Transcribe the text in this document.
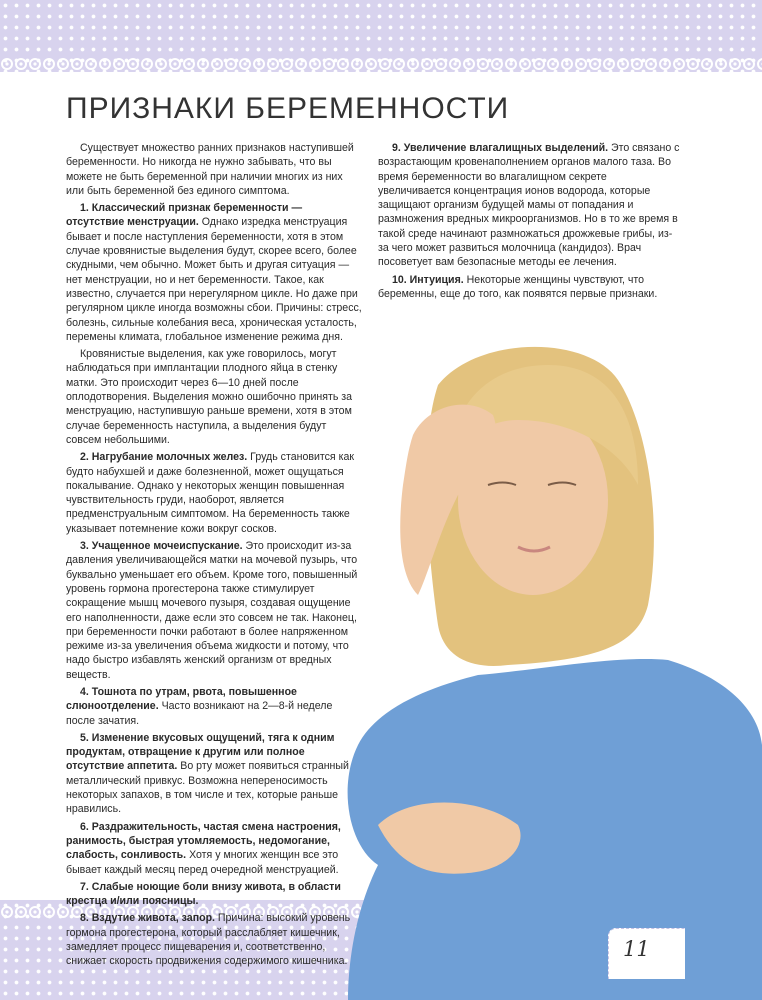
ПРИЗНАКИ БЕРЕМЕННОСТИ

Существует множество ранних признаков наступившей беременности. Но никогда не нужно забывать, что вы можете не быть беременной при наличии многих из них или быть беременной без единого симптома.

1. Классический признак беременности — отсутствие менструации. Однако изредка менструация бывает и после наступления беременности, хотя в этом случае кровянистые выделения будут, скорее всего, более скудными, чем обычно. Может быть и другая ситуация — нет менструации, но и нет беременности. Такое, как известно, случается при нерегулярном цикле. Но даже при регулярном цикле иногда возможны сбои. Причины: стресс, болезнь, сильные колебания веса, хроническая усталость, перемены климата, глобальное изменение режима дня.

Кровянистые выделения, как уже говорилось, могут наблюдаться при имплантации плодного яйца в стенку матки. Это происходит через 6—10 дней после оплодотворения. Выделения можно ошибочно принять за менструацию, наступившую раньше времени, хотя в этом случае беременность наступила, а выделения будут совсем небольшими.

2. Нагрубание молочных желез. Грудь становится как будто набухшей и даже болезненной, может ощущаться покалывание. Однако у некоторых женщин повышенная чувствительность груди, наоборот, является предменструальным симптомом. На беременность также указывает потемнение кожи вокруг сосков.

3. Учащенное мочеиспускание. Это происходит из-за давления увеличивающейся матки на мочевой пузырь, что буквально уменьшает его объем. Кроме того, повышенный уровень гормона прогестерона также стимулирует сокращение мышц мочевого пузыря, создавая ощущение его наполненности, даже если это совсем не так. Наконец, при беременности почки работают в более напряженном режиме из-за увеличения объема жидкости и потому, что надо быстро избавлять женский организм от вредных веществ.

4. Тошнота по утрам, рвота, повышенное слюноотделение. Часто возникают на 2—8-й неделе после зачатия.

5. Изменение вкусовых ощущений, тяга к одним продуктам, отвращение к другим или полное отсутствие аппетита. Во рту может появиться странный металлический привкус. Возможна непереносимость некоторых запахов, в том числе и тех, которые раньше нравились.

6. Раздражительность, частая смена настроения, ранимость, быстрая утомляемость, недомогание, слабость, сонливость. Хотя у многих женщин все это бывает каждый месяц перед очередной менструацией.

7. Слабые ноющие боли внизу живота, в области крестца и/или поясницы.

8. Вздутие живота, запор. Причина: высокий уровень гормона прогестерона, который расслабляет кишечник, замедляет процесс пищеварения и, соответственно, снижает скорость продвижения содержимого кишечника.

9. Увеличение влагалищных выделений. Это связано с возрастающим кровенаполнением органов малого таза. Во время беременности во влагалищном секрете увеличивается концентрация ионов водорода, которые защищают организм будущей мамы от попадания и размножения вредных микроорганизмов. Но в то же время в такой среде начинают размножаться дрожжевые грибы, из-за чего может развиться молочница (кандидоз). Врач посоветует вам безопасные методы ее лечения.

10. Интуиция. Некоторые женщины чувствуют, что беременны, еще до того, как появятся первые признаки.

11
